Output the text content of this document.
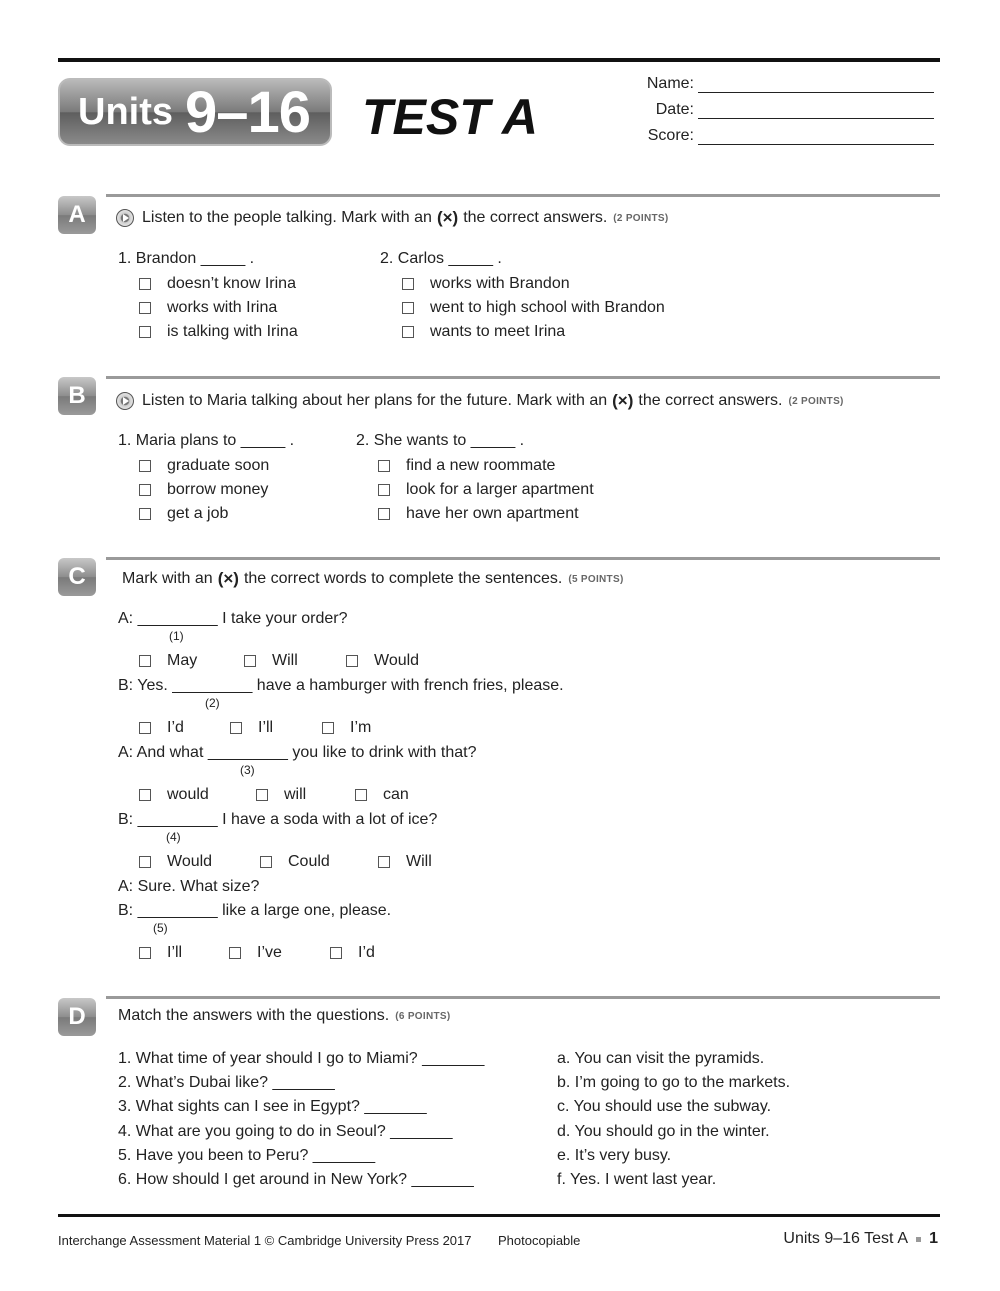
Units 9–16 TEST A
Name:
Date:
Score:
A	Listen to the people talking. Mark with an (×) the correct answers. (2 POINTS)
1. Brandon _____ .
doesn’t know Irina
works with Irina
is talking with Irina
2. Carlos _____ .
works with Brandon
went to high school with Brandon
wants to meet Irina
B	Listen to Maria talking about her plans for the future. Mark with an (×) the correct answers. (2 POINTS)
1. Maria plans to _____ .
graduate soon
borrow money
get a job
2. She wants to _____ .
find a new roommate
look for a larger apartment
have her own apartment
C	Mark with an (×) the correct words to complete the sentences. (5 POINTS)
A: _________ I take your order?
(1)
May	Will	Would
B: Yes. _________ have a hamburger with french fries, please.
(2)
I’d	I’ll	I’m
A: And what _________ you like to drink with that?
(3)
would	will	can
B: _________ I have a soda with a lot of ice?
(4)
Would	Could	Will
A: Sure. What size?
B: _________ like a large one, please.
(5)
I’ll	I’ve	I’d
D	Match the answers with the questions. (6 POINTS)
1. What time of year should I go to Miami? _______
2. What’s Dubai like? _______
3. What sights can I see in Egypt? _______
4. What are you going to do in Seoul? _______
5. Have you been to Peru? _______
6. How should I get around in New York? _______
a. You can visit the pyramids.
b. I’m going to go to the markets.
c. You should use the subway.
d. You should go in the winter.
e. It’s very busy.
f. Yes. I went last year.
Interchange Assessment Material 1 © Cambridge University Press 2017 Photocopiable	Units 9–16 Test A 1
